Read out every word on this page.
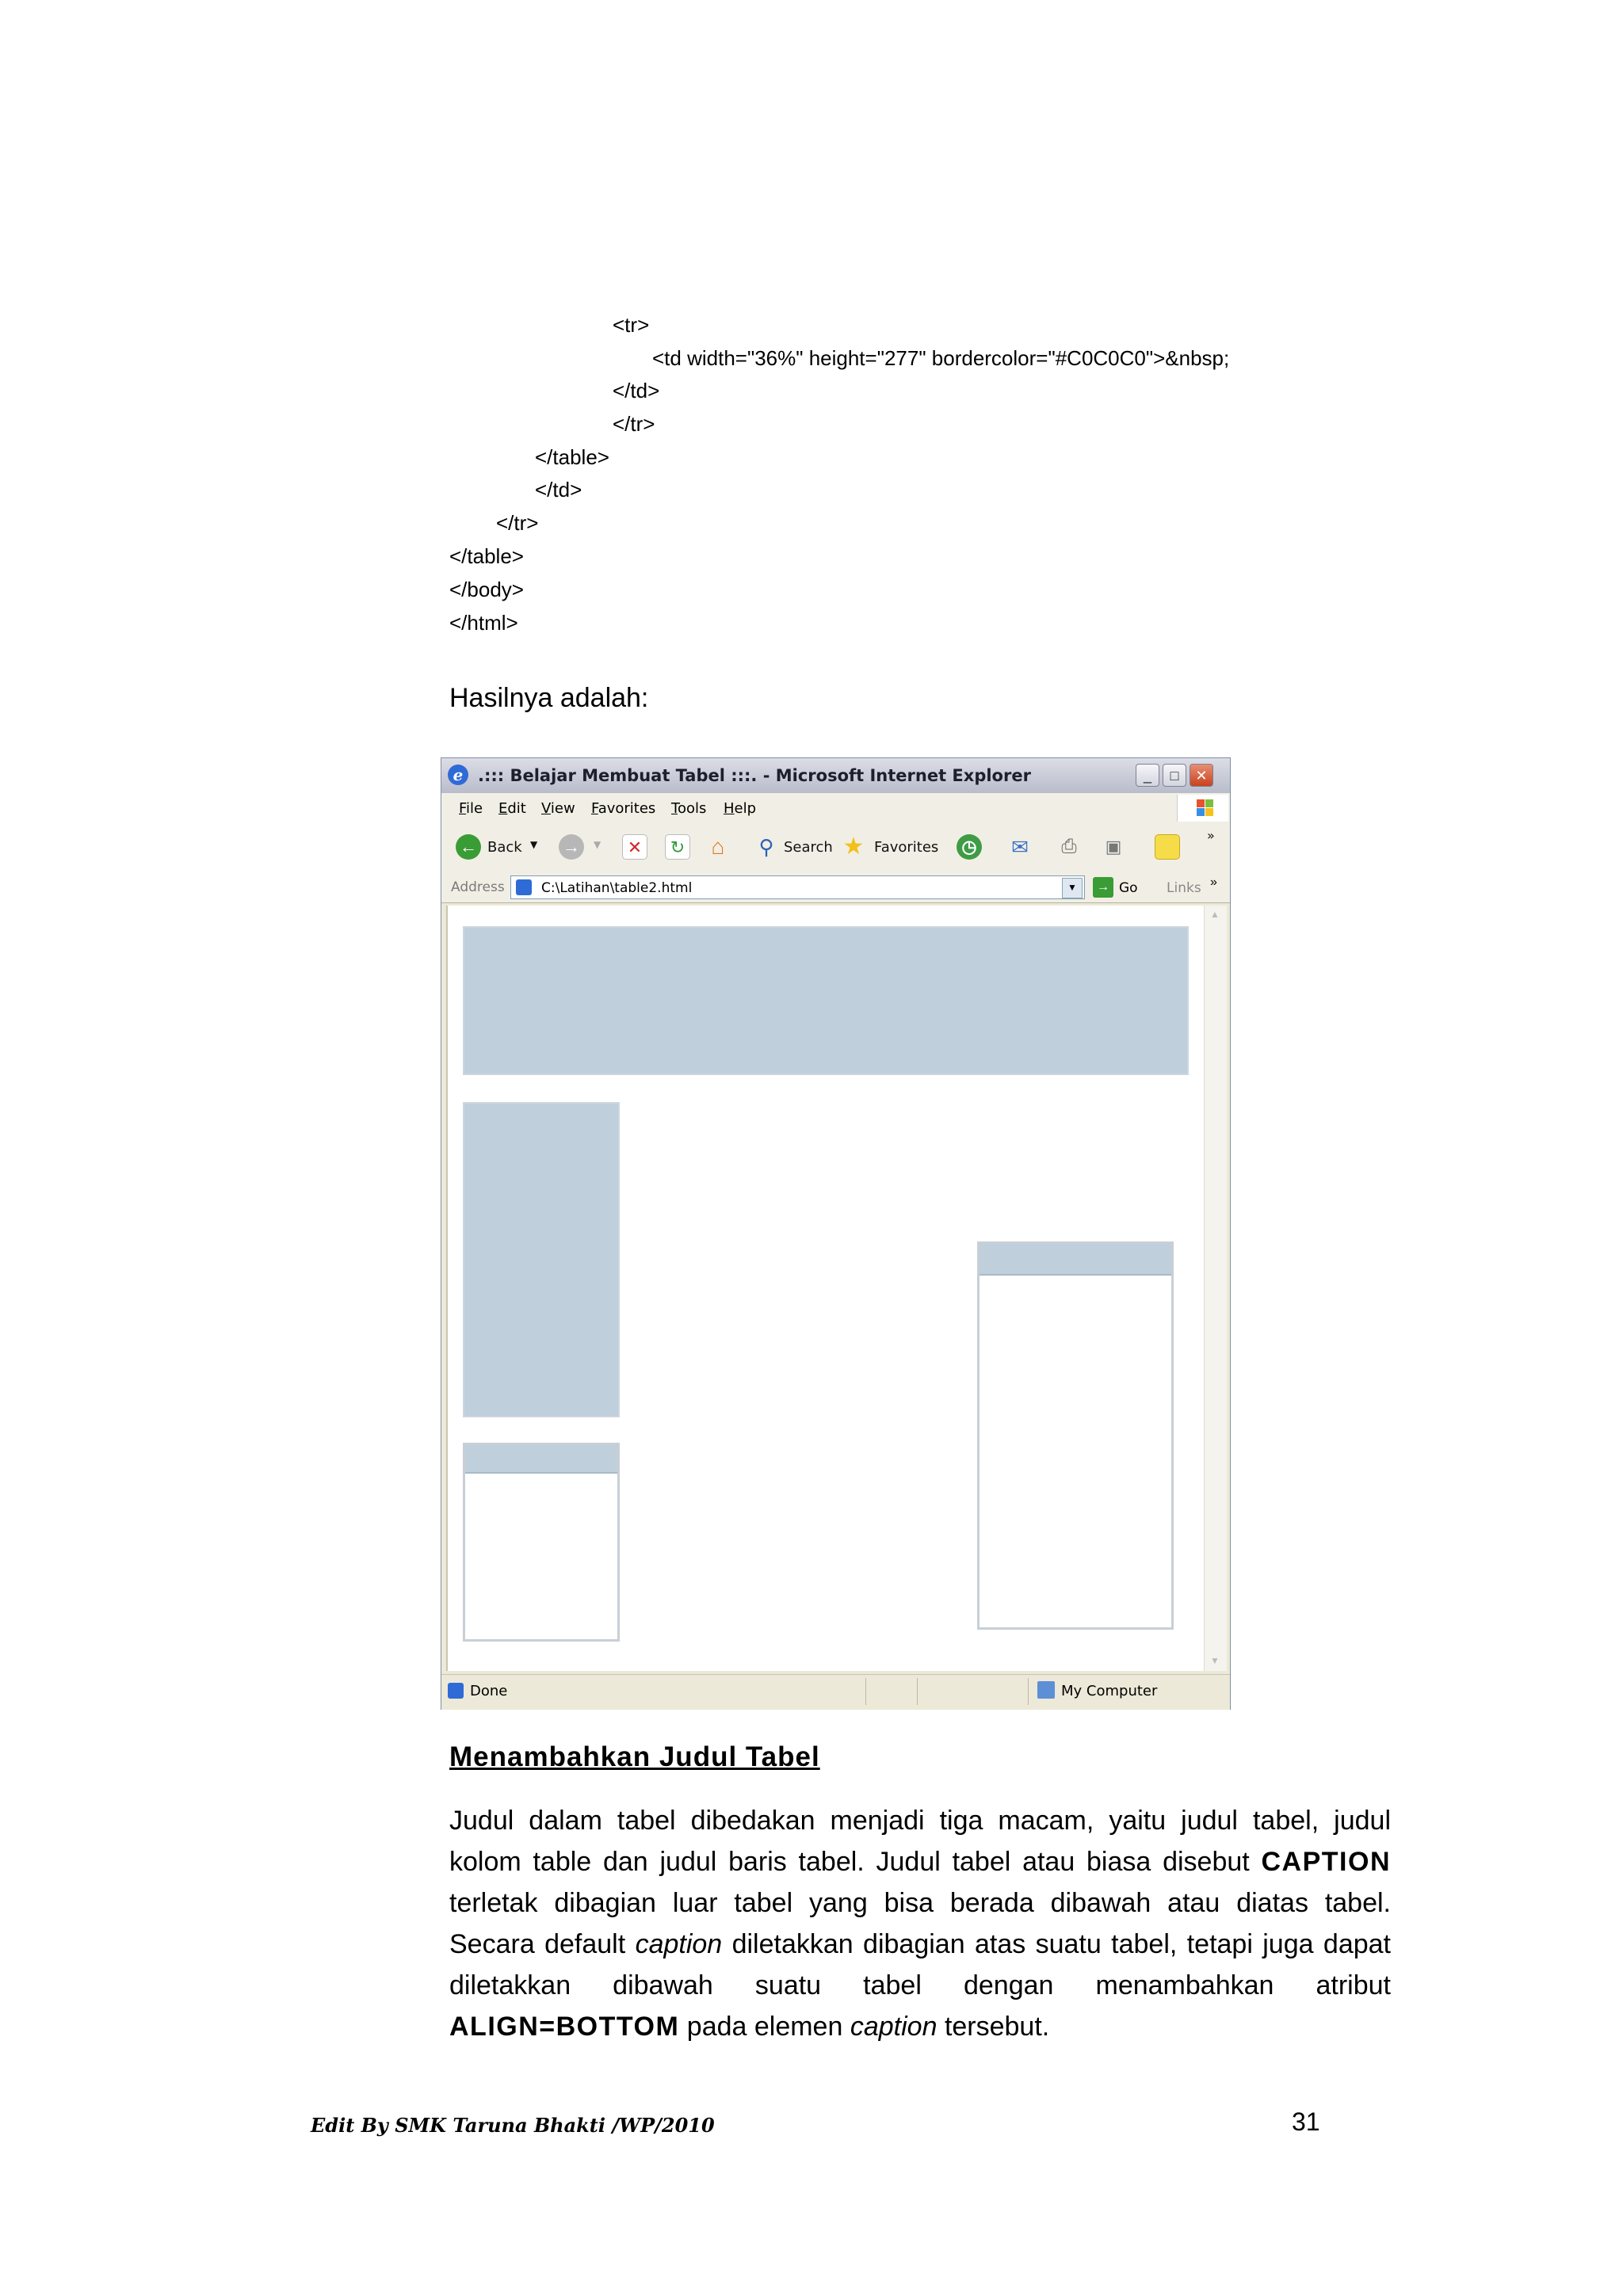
<tr>
<td width="36%" height="277" bordercolor="#C0C0C0">&nbsp;
</td>
</tr>
</table>
</td>
</tr>
</table>
</body>
</html>
Hasilnya adalah:
e .::: Belajar Membuat Tabel :::. - Microsoft Internet Explorer	_	□	✕
File Edit View Favorites Tools Help
← Back ▼ →	▼	✕	↻ ⌂ ⚲ Search ★ Favorites ◷ ✉ ⎙ ▣
»
Address	C:\Latihan\table2.html	▼	→ Go Links »
▲
▼
Done	My Computer
Menambahkan Judul Tabel
Judul dalam tabel dibedakan menjadi tiga macam, yaitu judul tabel, judul kolom table dan judul baris tabel. Judul tabel atau biasa disebut CAPTION terletak dibagian luar tabel yang bisa berada dibawah atau diatas tabel. Secara default caption diletakkan dibagian atas suatu tabel, tetapi juga dapat diletakkan dibawah suatu tabel dengan menambahkan atribut ALIGN=BOTTOM pada elemen caption tersebut.
Edit By SMK Taruna Bhakti /WP/2010	31
